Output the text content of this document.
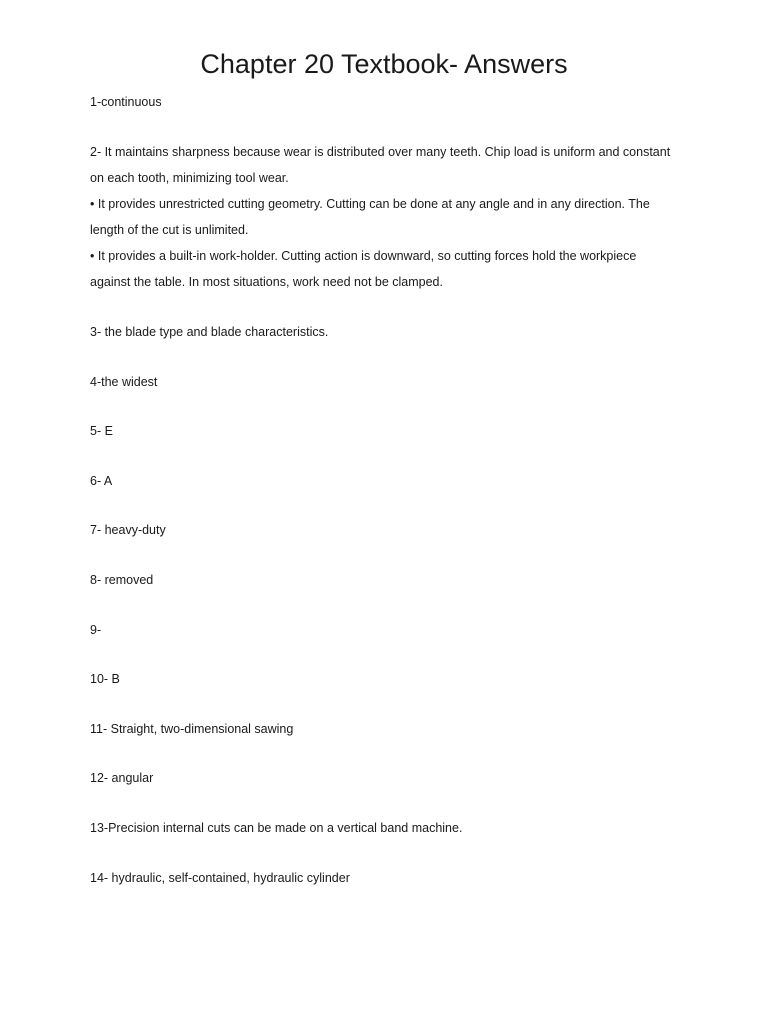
Chapter 20 Textbook- Answers

1-continuous

2- It maintains sharpness because wear is distributed over many teeth. Chip load is uniform and constant

on each tooth, minimizing tool wear.

• It provides unrestricted cutting geometry. Cutting can be done at any angle and in any direction. The

length of the cut is unlimited.

• It provides a built-in work-holder. Cutting action is downward, so cutting forces hold the workpiece

against the table. In most situations, work need not be clamped.

3- the blade type and blade characteristics.

4-the widest

5- E

6- A

7- heavy-duty

8- removed

9-

10- B

11- Straight, two-dimensional sawing

12- angular

13-Precision internal cuts can be made on a vertical band machine.

14- hydraulic, self-contained, hydraulic cylinder
